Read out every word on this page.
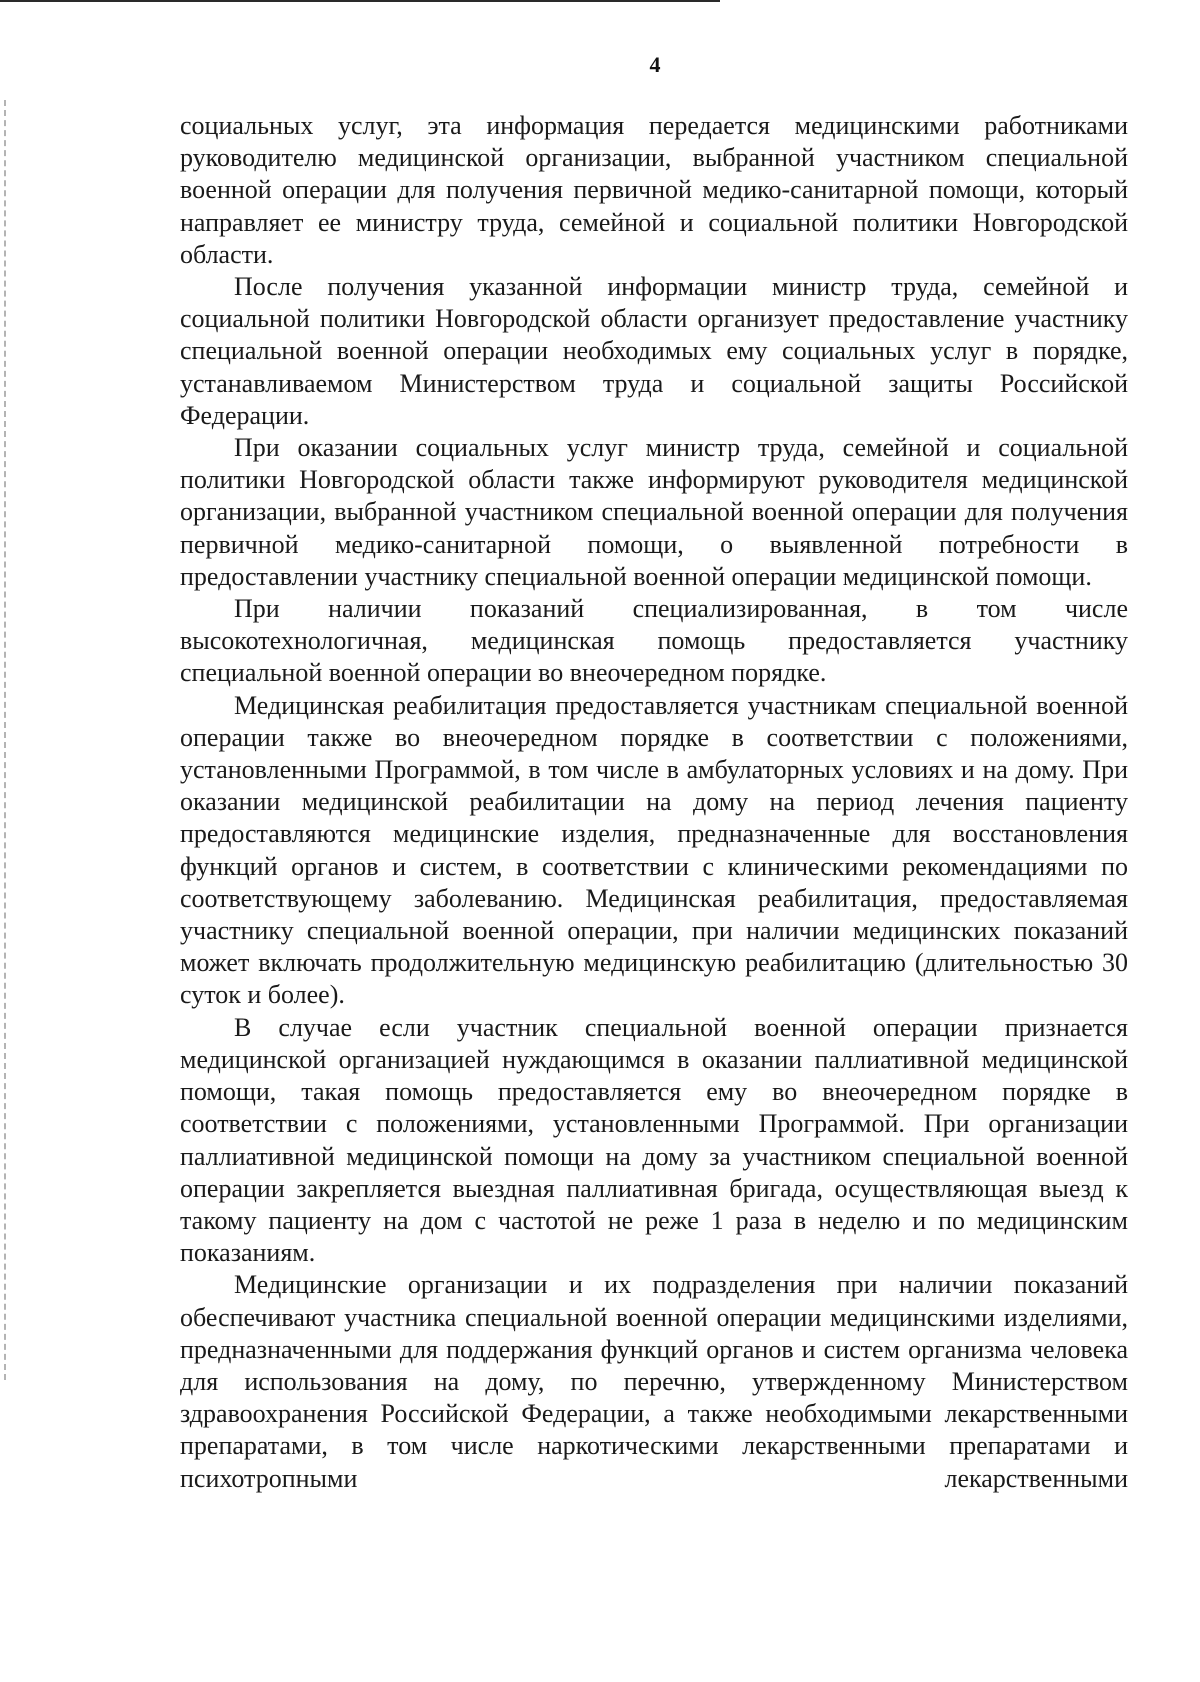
4

социальных услуг, эта информация передается медицинскими работниками руководителю медицинской организации, выбранной участником специальной военной операции для получения первичной медико-санитарной помощи, который направляет ее министру труда, семейной и социальной политики Новгородской области.

После получения указанной информации министр труда, семейной и социальной политики Новгородской области организует предоставление участнику специальной военной операции необходимых ему социальных услуг в порядке, устанавливаемом Министерством труда и социальной защиты Российской Федерации.

При оказании социальных услуг министр труда, семейной и социальной политики Новгородской области также информируют руководителя медицинской организации, выбранной участником специальной военной операции для получения первичной медико-санитарной помощи, о выявленной потребности в предоставлении участнику специальной военной операции медицинской помощи.

При наличии показаний специализированная, в том числе высокотехнологичная, медицинская помощь предоставляется участнику специальной военной операции во внеочередном порядке.

Медицинская реабилитация предоставляется участникам специальной военной операции также во внеочередном порядке в соответствии с положениями, установленными Программой, в том числе в амбулаторных условиях и на дому. При оказании медицинской реабилитации на дому на период лечения пациенту предоставляются медицинские изделия, предназначенные для восстановления функций органов и систем, в соответствии с клиническими рекомендациями по соответствующему заболеванию. Медицинская реабилитация, предоставляемая участнику специальной военной операции, при наличии медицинских показаний может включать продолжительную медицинскую реабилитацию (длительностью 30 суток и более).

В случае если участник специальной военной операции признается медицинской организацией нуждающимся в оказании паллиативной медицинской помощи, такая помощь предоставляется ему во внеочередном порядке в соответствии с положениями, установленными Программой. При организации паллиативной медицинской помощи на дому за участником специальной военной операции закрепляется выездная паллиативная бригада, осуществляющая выезд к такому пациенту на дом с частотой не реже 1 раза в неделю и по медицинским показаниям.

Медицинские организации и их подразделения при наличии показаний обеспечивают участника специальной военной операции медицинскими изделиями, предназначенными для поддержания функций органов и систем организма человека для использования на дому, по перечню, утвержденному Министерством здравоохранения Российской Федерации, а также необходимыми лекарственными препаратами, в том числе наркотическими лекарственными препаратами и психотропными лекарственными
